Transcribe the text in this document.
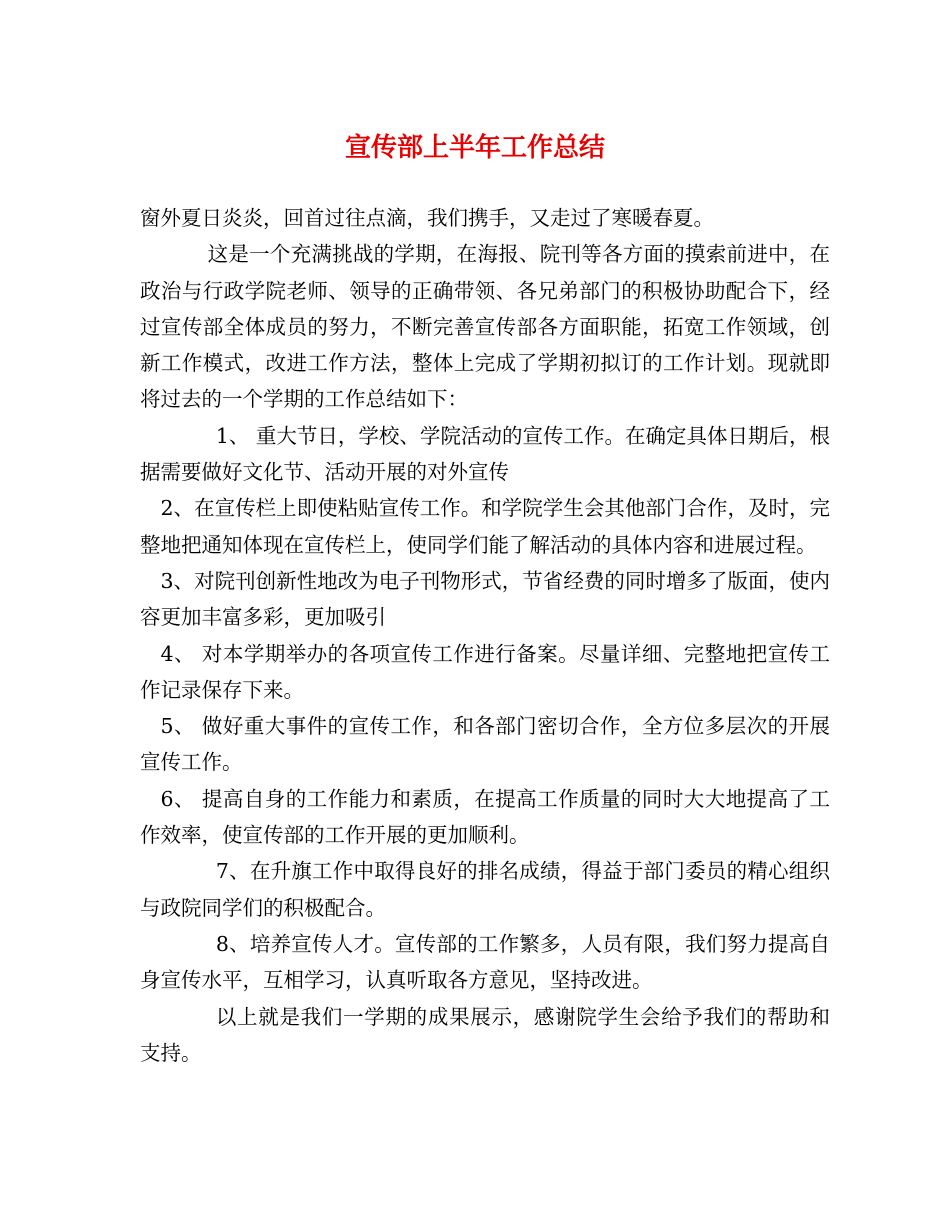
宣传部上半年工作总结

窗外夏日炎炎，回首过往点滴，我们携手，又走过了寒暖春夏。

这是一个充满挑战的学期，在海报、院刊等各方面的摸索前进中，在政治与行政学院老师、领导的正确带领、各兄弟部门的积极协助配合下，经过宣传部全体成员的努力，不断完善宣传部各方面职能，拓宽工作领域，创新工作模式，改进工作方法，整体上完成了学期初拟订的工作计划。现就即将过去的一个学期的工作总结如下：

1、 重大节日，学校、学院活动的宣传工作。在确定具体日期后，根据需要做好文化节、活动开展的对外宣传

2、在宣传栏上即使粘贴宣传工作。和学院学生会其他部门合作，及时，完整地把通知体现在宣传栏上，使同学们能了解活动的具体内容和进展过程。

3、对院刊创新性地改为电子刊物形式，节省经费的同时增多了版面，使内容更加丰富多彩，更加吸引

4、 对本学期举办的各项宣传工作进行备案。尽量详细、完整地把宣传工作记录保存下来。

5、 做好重大事件的宣传工作，和各部门密切合作，全方位多层次的开展宣传工作。

6、 提高自身的工作能力和素质，在提高工作质量的同时大大地提高了工作效率，使宣传部的工作开展的更加顺利。

7、在升旗工作中取得良好的排名成绩，得益于部门委员的精心组织与政院同学们的积极配合。

8、培养宣传人才。宣传部的工作繁多，人员有限，我们努力提高自身宣传水平，互相学习，认真听取各方意见，坚持改进。

以上就是我们一学期的成果展示，感谢院学生会给予我们的帮助和支持。
